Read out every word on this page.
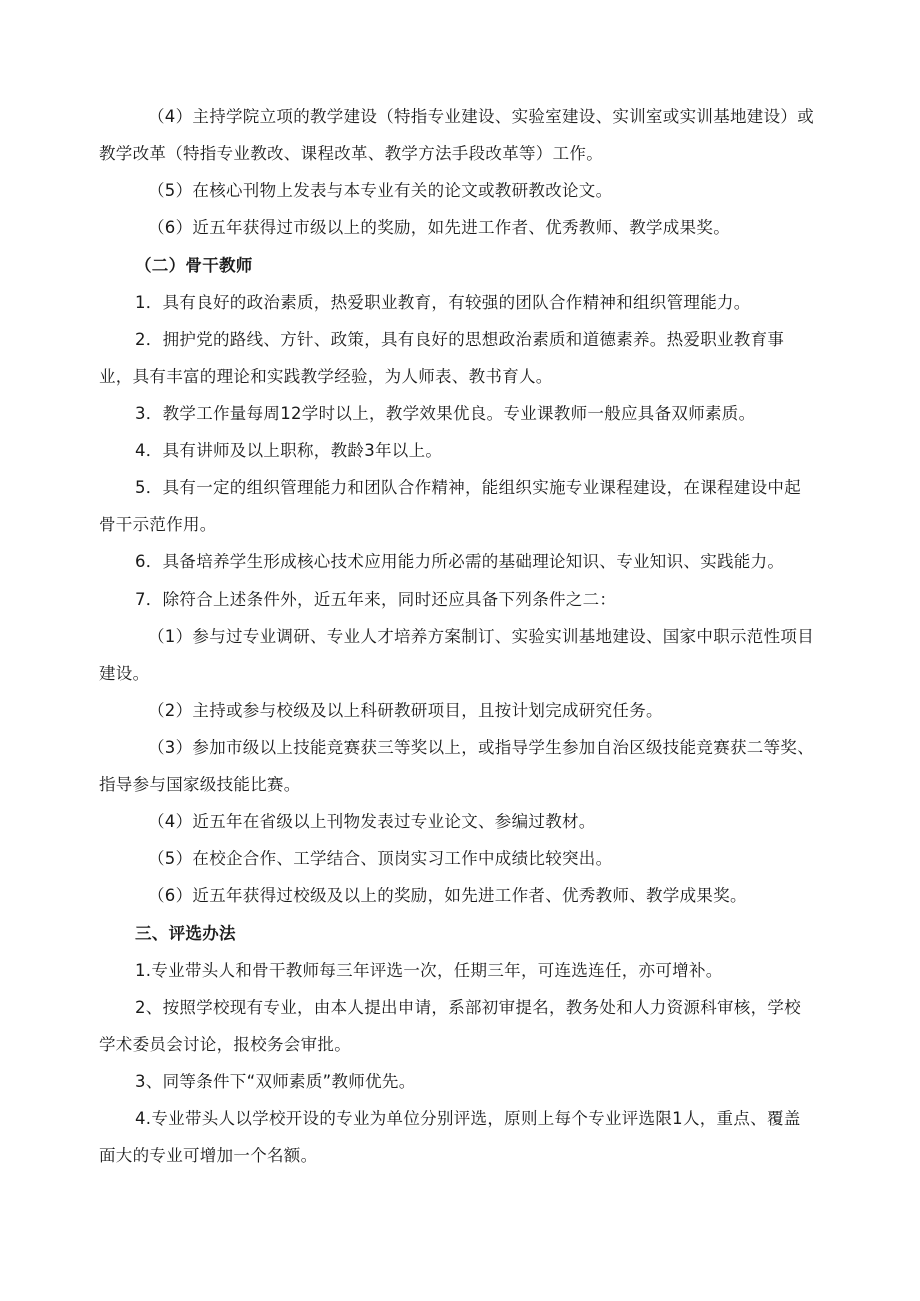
（4）主持学院立项的教学建设（特指专业建设、实验室建设、实训室或实训基地建设）或
教学改革（特指专业教改、课程改革、教学方法手段改革等）工作。
（5）在核心刊物上发表与本专业有关的论文或教研教改论文。
（6）近五年获得过市级以上的奖励，如先进工作者、优秀教师、教学成果奖。
（二）骨干教师
1．具有良好的政治素质，热爱职业教育，有较强的团队合作精神和组织管理能力。
2．拥护党的路线、方针、政策，具有良好的思想政治素质和道德素养。热爱职业教育事
业，具有丰富的理论和实践教学经验，为人师表、教书育人。
3．教学工作量每周12学时以上，教学效果优良。专业课教师一般应具备双师素质。
4．具有讲师及以上职称，教龄3年以上。
5．具有一定的组织管理能力和团队合作精神，能组织实施专业课程建设，在课程建设中起
骨干示范作用。
6．具备培养学生形成核心技术应用能力所必需的基础理论知识、专业知识、实践能力。
7．除符合上述条件外，近五年来，同时还应具备下列条件之二：
（1）参与过专业调研、专业人才培养方案制订、实验实训基地建设、国家中职示范性项目
建设。
（2）主持或参与校级及以上科研教研项目，且按计划完成研究任务。
（3）参加市级以上技能竞赛获三等奖以上，或指导学生参加自治区级技能竞赛获二等奖、
指导参与国家级技能比赛。
（4）近五年在省级以上刊物发表过专业论文、参编过教材。
（5）在校企合作、工学结合、顶岗实习工作中成绩比较突出。
（6）近五年获得过校级及以上的奖励，如先进工作者、优秀教师、教学成果奖。
三、评选办法
1.专业带头人和骨干教师每三年评选一次，任期三年，可连选连任，亦可增补。
2、按照学校现有专业，由本人提出申请，系部初审提名，教务处和人力资源科审核，学校
学术委员会讨论，报校务会审批。
3、同等条件下“双师素质”教师优先。
4.专业带头人以学校开设的专业为单位分别评选，原则上每个专业评选限1人，重点、覆盖
面大的专业可增加一个名额。
